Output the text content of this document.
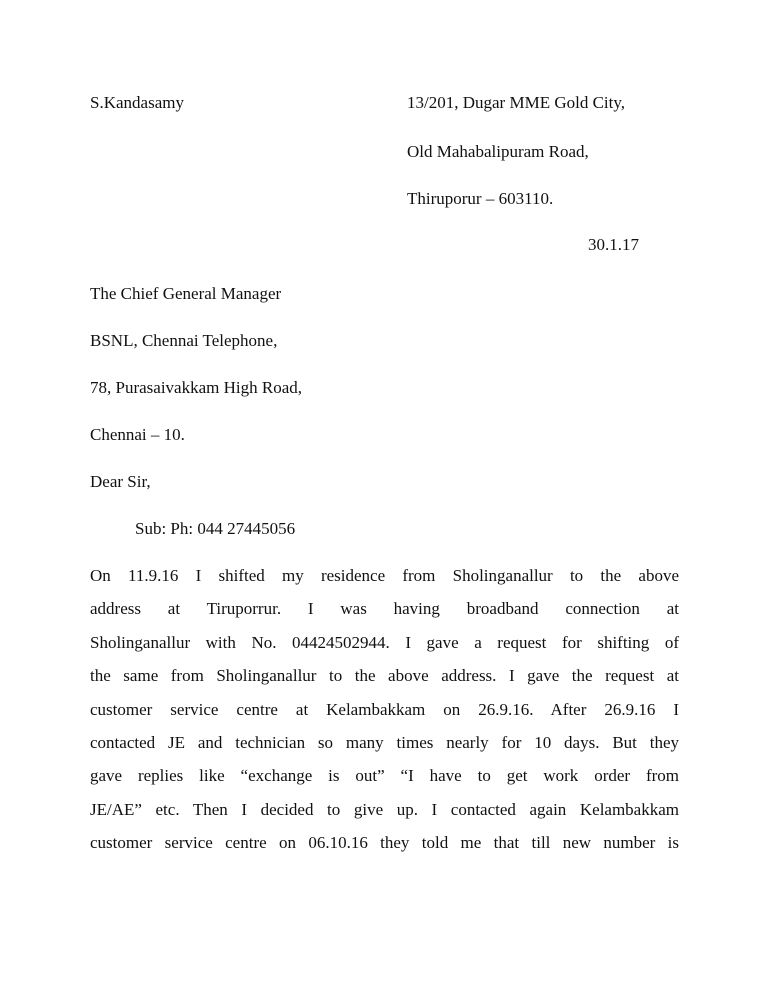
S.Kandasamy	13/201, Dugar MME Gold City,
Old Mahabalipuram Road,
Thiruporur – 603110.
30.1.17
The Chief General Manager
BSNL, Chennai Telephone,
78, Purasaivakkam High Road,
Chennai – 10.
Dear Sir,
Sub: Ph: 044 27445056
On 11.9.16 I shifted my residence from Sholinganallur to the above
address at Tiruporrur. I was having broadband connection at
Sholinganallur with No. 04424502944. I gave a request for shifting of
the same from Sholinganallur to the above address. I gave the request at
customer service centre at Kelambakkam on 26.9.16. After 26.9.16 I
contacted JE and technician so many times nearly for 10 days. But they
gave replies like “exchange is out” “I have to get work order from
JE/AE” etc. Then I decided to give up. I contacted again Kelambakkam
customer service centre on 06.10.16 they told me that till new number is
